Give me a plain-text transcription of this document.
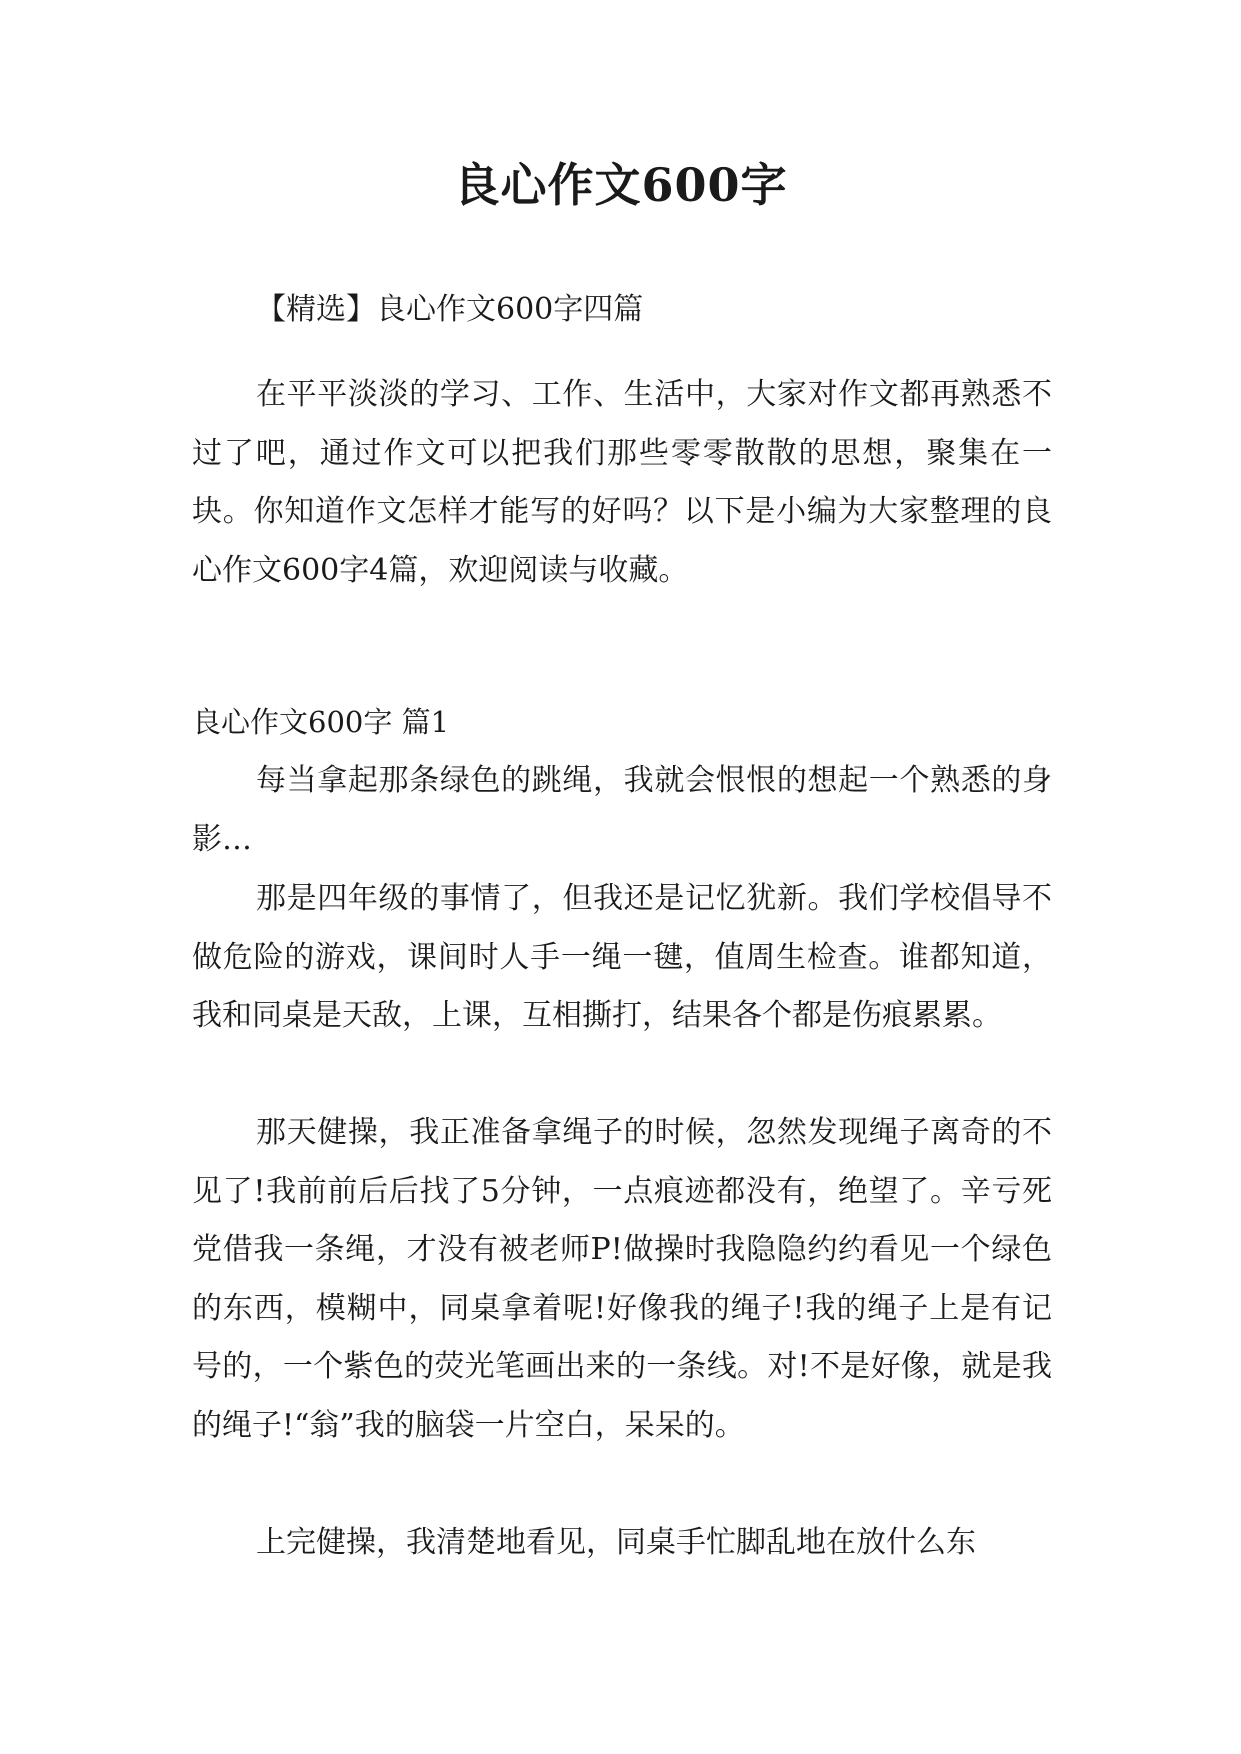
良心作文600字

【精选】良心作文600字四篇

在平平淡淡的学习、工作、生活中，大家对作文都再熟悉不过了吧，通过作文可以把我们那些零零散散的思想，聚集在一块。你知道作文怎样才能写的好吗？以下是小编为大家整理的良心作文600字4篇，欢迎阅读与收藏。

良心作文600字 篇1

每当拿起那条绿色的跳绳，我就会恨恨的想起一个熟悉的身影…

那是四年级的事情了，但我还是记忆犹新。我们学校倡导不做危险的游戏，课间时人手一绳一毽，值周生检查。谁都知道，我和同桌是天敌，上课，互相撕打，结果各个都是伤痕累累。

那天健操，我正准备拿绳子的时候，忽然发现绳子离奇的不见了!我前前后后找了5分钟，一点痕迹都没有，绝望了。辛亏死党借我一条绳，才没有被老师P!做操时我隐隐约约看见一个绿色的东西，模糊中，同桌拿着呢!好像我的绳子!我的绳子上是有记号的，一个紫色的荧光笔画出来的一条线。对!不是好像，就是我的绳子!“翁”我的脑袋一片空白，呆呆的。

上完健操，我清楚地看见，同桌手忙脚乱地在放什么东
